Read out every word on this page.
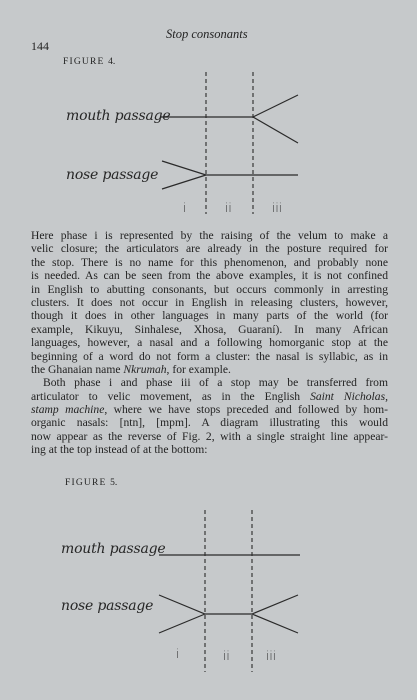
144
Stop consonants
FIGURE 4.
mouth passage
nose passage
i	ii	iii
Here phase i is represented by the raising of the velum to make a
velic closure; the articulators are already in the posture required for
the stop. There is no name for this phenomenon, and probably none
is needed. As can be seen from the above examples, it is not confined
in English to abutting consonants, but occurs commonly in arresting
clusters. It does not occur in English in releasing clusters, however,
though it does in other languages in many parts of the world (for
example, Kikuyu, Sinhalese, Xhosa, Guaraní). In many African
languages, however, a nasal and a following homorganic stop at the
beginning of a word do not form a cluster: the nasal is syllabic, as in
the Ghanaian name Nkrumah, for example.
Both phase i and phase iii of a stop may be transferred from
articulator to velic movement, as in the English Saint Nicholas,
stamp machine, where we have stops preceded and followed by hom-
organic nasals: [ntn], [mpm]. A diagram illustrating this would
now appear as the reverse of Fig. 2, with a single straight line appear-
ing at the top instead of at the bottom:
FIGURE 5.
mouth passage
nose passage
i	ii	iii
